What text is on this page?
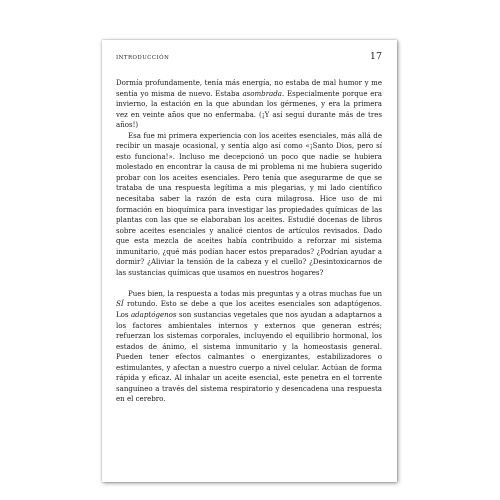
INTRODUCCIÓN	17

Dormía profundamente, tenía más energía, no estaba de mal humor y me sentía yo misma de nuevo. Estaba asombrada. Especialmente porque era invierno, la estación en la que abundan los gérmenes, y era la primera vez en veinte años que no enfermaba. (¡Y así seguí durante más de tres años!)

Esa fue mi primera experiencia con los aceites esenciales, más allá de recibir un masaje ocasional, y sentía algo así como «¡Santo Dios, pero sí esto funciona!». Incluso me decepcionó un poco que nadie se hubiera molestado en encontrar la causa de mi problema ni me hubiera sugerido probar con los aceites esenciales. Pero tenía que asegurarme de que se trataba de una respuesta legítima a mis plegarias, y mi lado científico necesitaba saber la razón de esta cura milagrosa. Hice uso de mi formación en bioquímica para investigar las propiedades químicas de las plantas con las que se elaboraban los aceites. Estudié docenas de libros sobre aceites esenciales y analicé cientos de artículos revisados. Dado que esta mezcla de aceites había contribuido a reforzar mi sistema inmunitario, ¿qué más podían hacer estos preparados? ¿Podrían ayudar a dormir? ¿Aliviar la tensión de la cabeza y el cuello? ¿Desintoxicarnos de las sustancias químicas que usamos en nuestros hogares?

Pues bien, la respuesta a todas mis preguntas y a otras muchas fue un SÍ rotundo. Esto se debe a que los aceites esenciales son adaptógenos. Los adaptógenos son sustancias vegetales que nos ayudan a adaptarnos a los factores ambientales internos y externos que generan estrés; refuerzan los sistemas corporales, incluyendo el equilibrio hormonal, los estados de ánimo, el sistema inmunitario y la homeostasis general. Pueden tener efectos calmantes o energizantes, estabilizadores o estimulantes, y afectan a nuestro cuerpo a nivel celular. Actúan de forma rápida y eficaz. Al inhalar un aceite esencial, este penetra en el torrente sanguíneo a través del sistema respiratorio y desencadena una respuesta en el cerebro.
